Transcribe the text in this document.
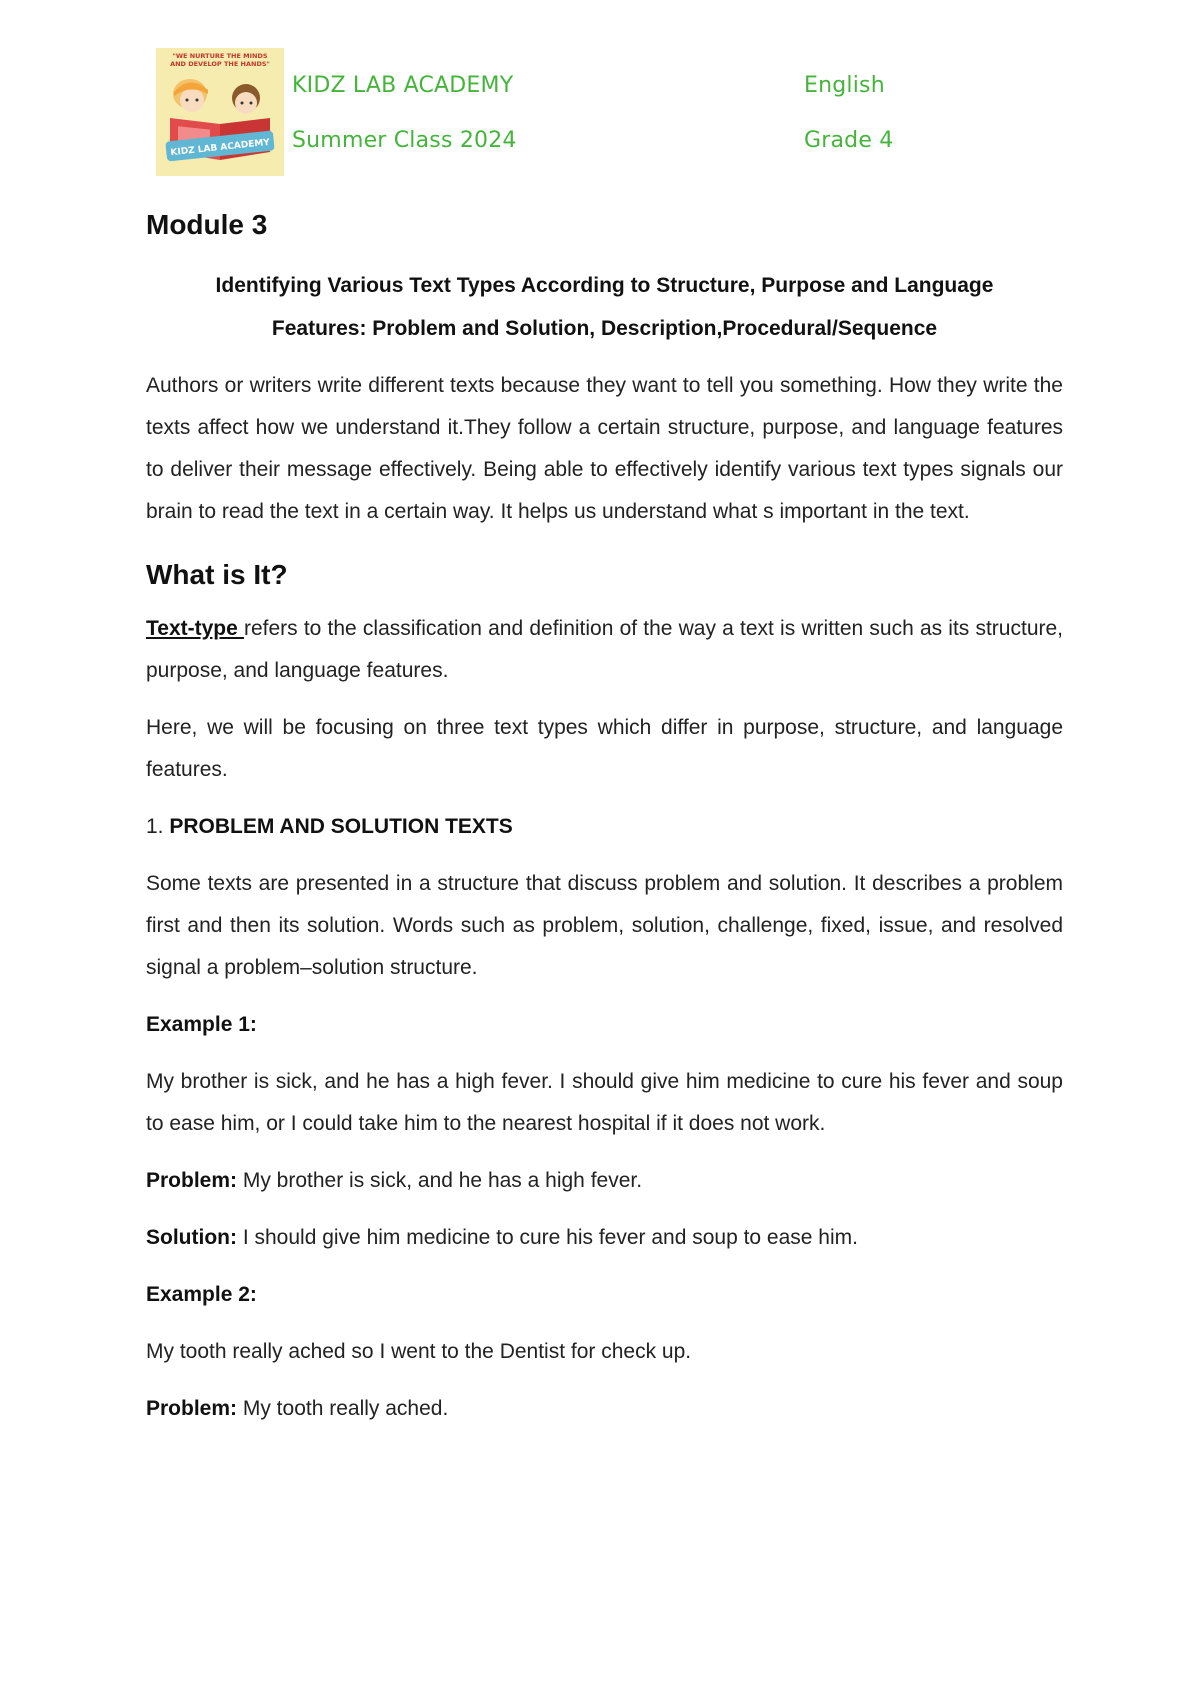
"WE NURTURE THE MINDS
AND DEVELOP THE HANDS"
KIDZ LAB ACADEMY
KIDZ LAB ACADEMY
Summer Class 2024
English
Grade 4
Module 3
Identifying Various Text Types According to Structure, Purpose and Language
Features: Problem and Solution, Description,Procedural/Sequence

Authors or writers write different texts because they want to tell you something. How they write the texts affect how we understand it.They follow a certain structure, purpose, and language features to deliver their message effectively. Being able to effectively identify various text types signals our brain to read the text in a certain way. It helps us understand what s important in the text.

What is It?

Text-type refers to the classification and definition of the way a text is written such as its structure, purpose, and language features.

Here, we will be focusing on three text types which differ in purpose, structure, and language features.

1. PROBLEM AND SOLUTION TEXTS

Some texts are presented in a structure that discuss problem and solution. It describes a problem first and then its solution. Words such as problem, solution, challenge, fixed, issue, and resolved signal a problem–solution structure.

Example 1:

My brother is sick, and he has a high fever. I should give him medicine to cure his fever and soup to ease him, or I could take him to the nearest hospital if it does not work.

Problem: My brother is sick, and he has a high fever.

Solution: I should give him medicine to cure his fever and soup to ease him.

Example 2:

My tooth really ached so I went to the Dentist for check up.

Problem: My tooth really ached.
